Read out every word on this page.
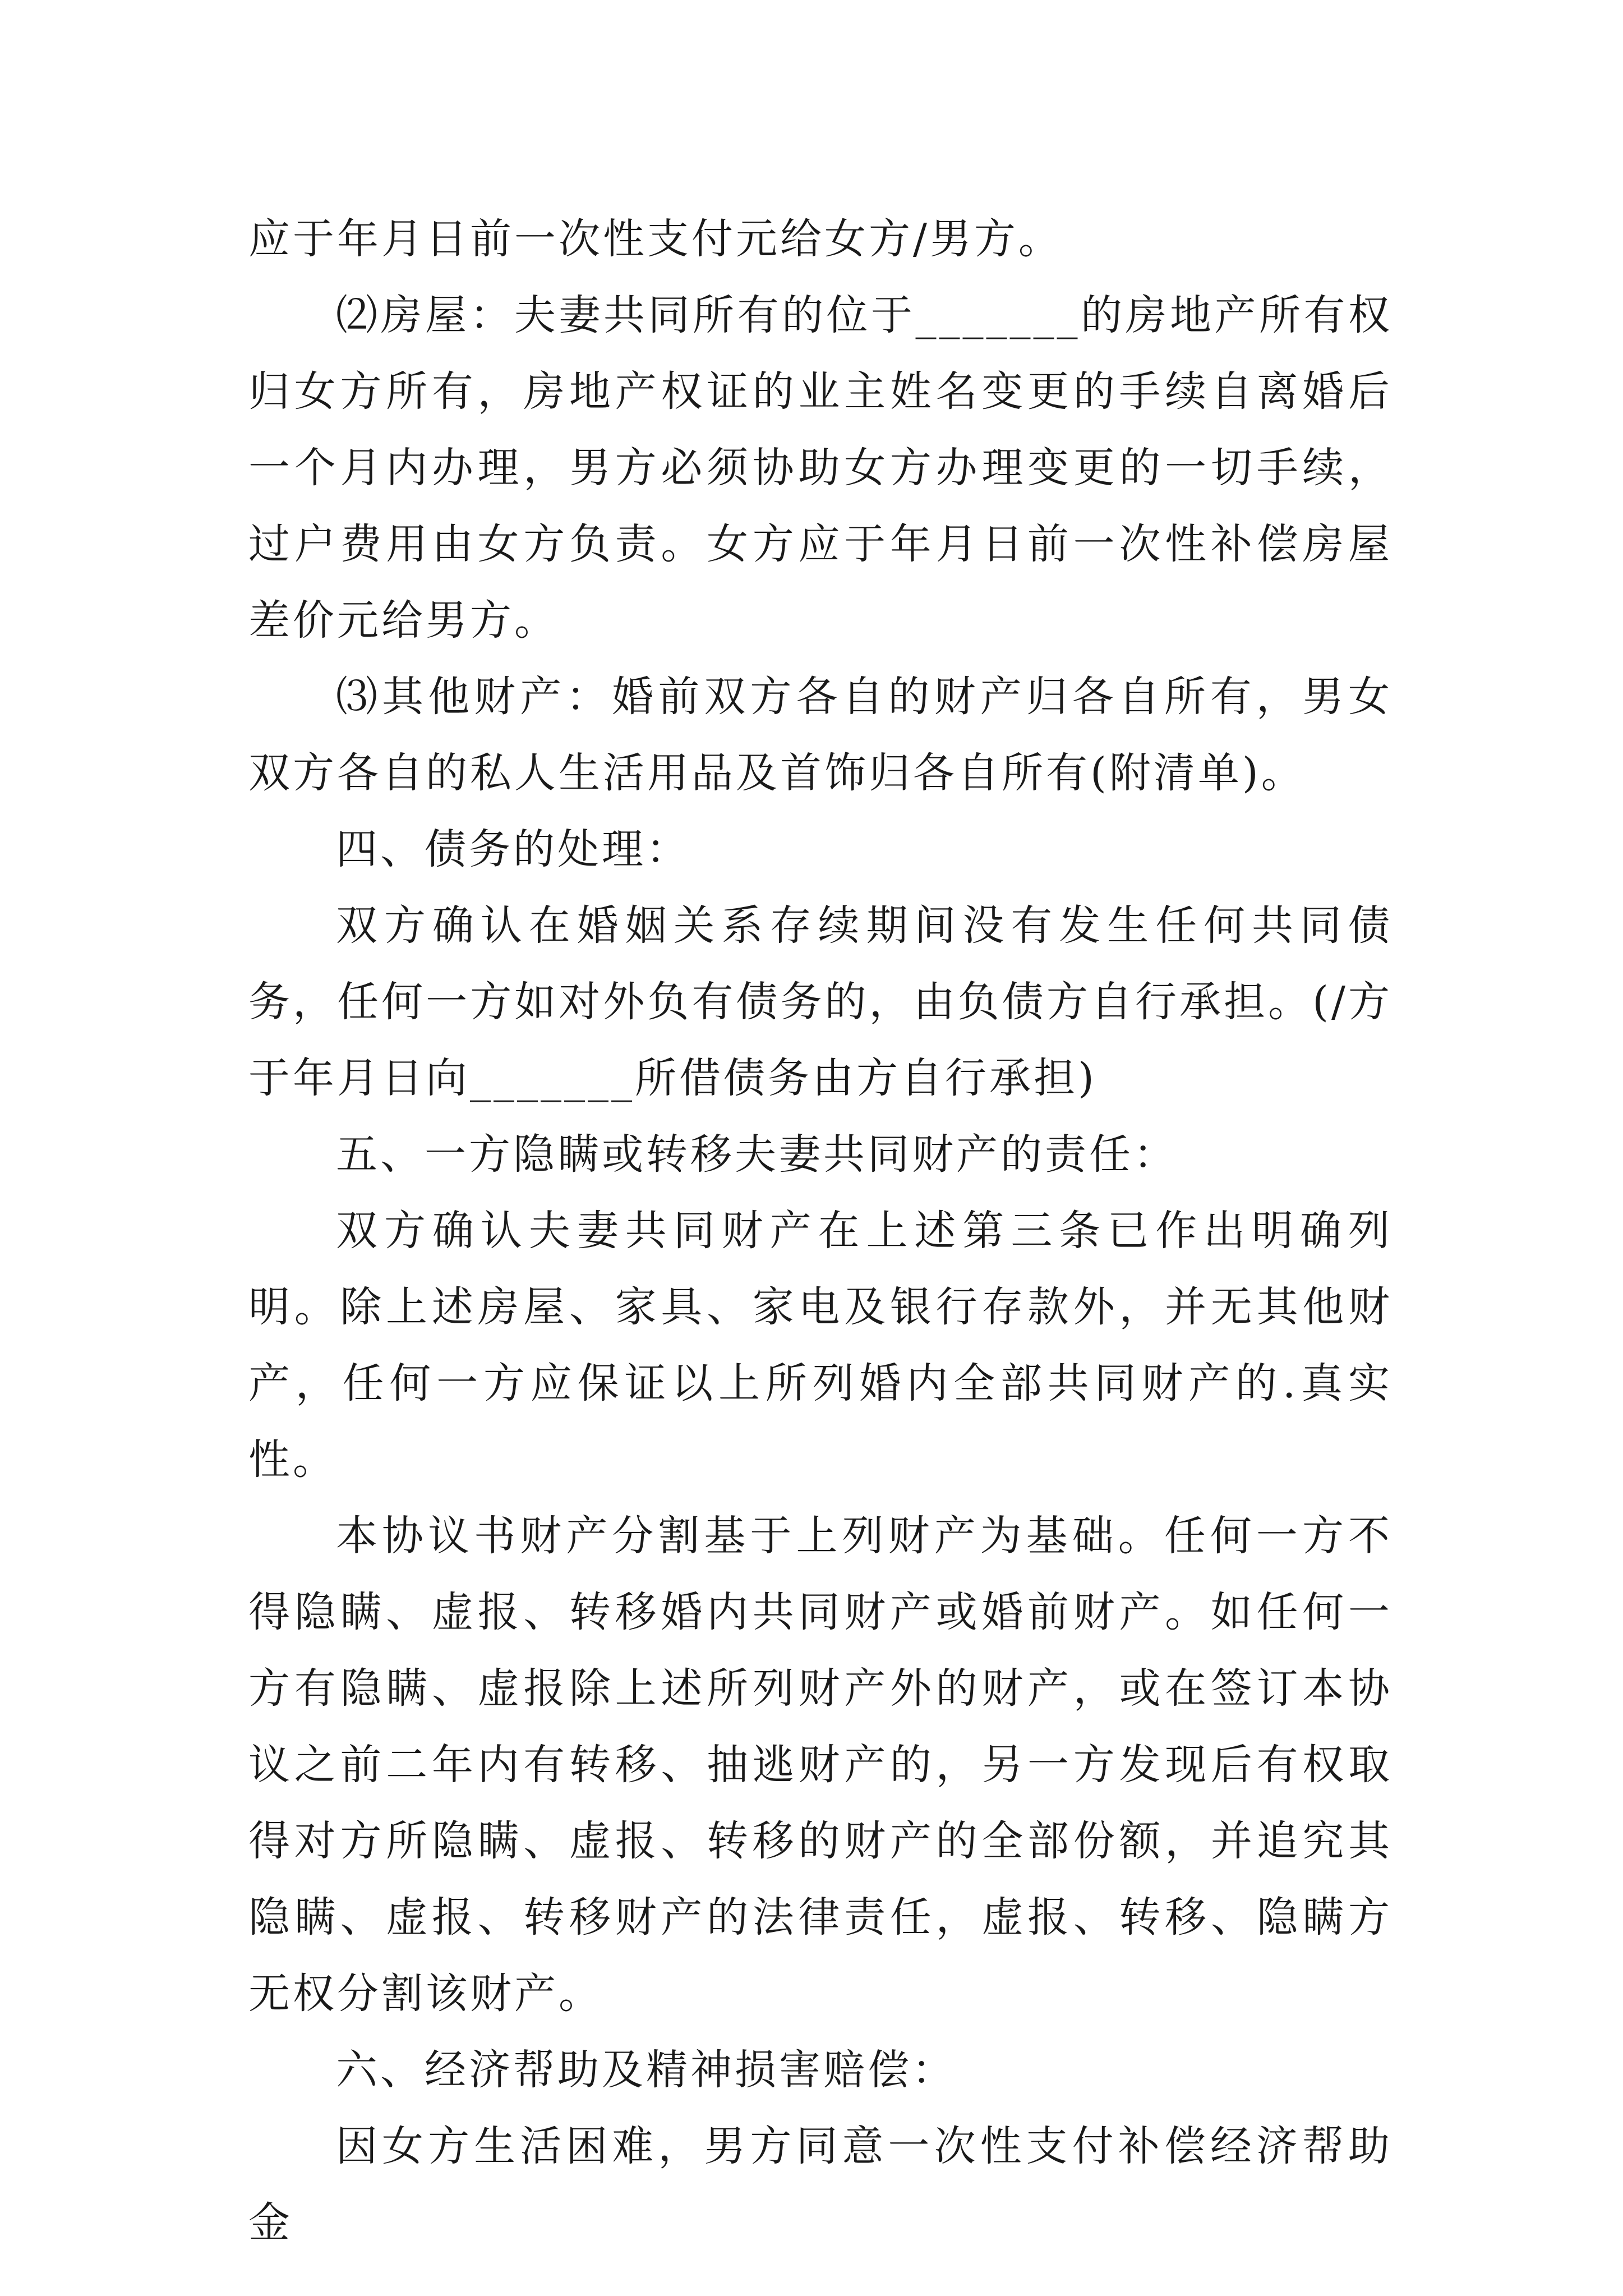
应于年月日前一次性支付元给女方/男方。

⑵房屋：夫妻共同所有的位于_______的房地产所有权归女方所有，房地产权证的业主姓名变更的手续自离婚后一个月内办理，男方必须协助女方办理变更的一切手续，过户费用由女方负责。女方应于年月日前一次性补偿房屋差价元给男方。

⑶其他财产：婚前双方各自的财产归各自所有，男女双方各自的私人生活用品及首饰归各自所有(附清单)。

四、债务的处理：

双方确认在婚姻关系存续期间没有发生任何共同债务，任何一方如对外负有债务的，由负债方自行承担。(/方于年月日向_______所借债务由方自行承担)

五、一方隐瞒或转移夫妻共同财产的责任：

双方确认夫妻共同财产在上述第三条已作出明确列明。除上述房屋、家具、家电及银行存款外，并无其他财产，任何一方应保证以上所列婚内全部共同财产的.真实性。

本协议书财产分割基于上列财产为基础。任何一方不得隐瞒、虚报、转移婚内共同财产或婚前财产。如任何一方有隐瞒、虚报除上述所列财产外的财产，或在签订本协议之前二年内有转移、抽逃财产的，另一方发现后有权取得对方所隐瞒、虚报、转移的财产的全部份额，并追究其隐瞒、虚报、转移财产的法律责任，虚报、转移、隐瞒方无权分割该财产。

六、经济帮助及精神损害赔偿：

因女方生活困难，男方同意一次性支付补偿经济帮助金
